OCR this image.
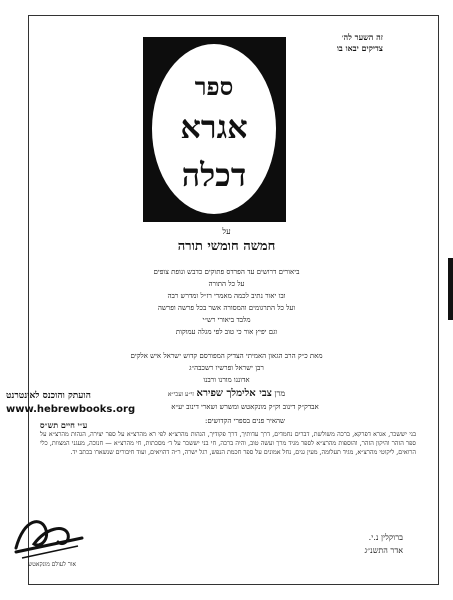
זה השער לה׳
צדיקים יבאו בו
ספר
אגרא
דכלה
על
חמשה חומשי תורה
ביאורים דרושים עד הפרדס פתוקים כדבש ונופת צופים
על כל התורה
ובו יאור נתיב לכמה מאמרי רז״ל ומדרש רבה
ועל כל התרגומים והמסורה אשר בכל פרשה ופרשה
מלבד ביאורי רש״י
וגם יפיץ אור כי טוב לפי מגלה עמוקות
מאת כ״ק הרב הגאון האמיתי הצדיק המפורסם קדוש ישראל איש אלקים
רבן ישראל ופרשיו רשכבה״ג
אדוננו מורנו ורבנו
מרן צבי אלימלך שפירא זי״ע ועכי״א
אבדק״ק דינוב וק״ק מונקאטש ומשרש ושארי דינוב יע״א
שהאיר פנים בספרי הקדושים:
הועתק והוכנס לאינטרנט
www.hebrewbooks.org
ע״י חיים תש״ס
בני יששכר, אגרא דפרקא, ברכה משולשת, דברים נחמדים, דרך עדותיך, דרך פקודיך, הגהות מהרצ״א לפי רא מהרצ״א על ספר יצירה, הגהות מהרצ״א על ספר הזהר והיקון הזהר, והוספות מהרצ״א לספר מגיד מרך ועשה טוב, והיה ברכה, חי בני יששכר על ד׳ מסכתות, חי מהרצ״א — חנוכה, מעגני המצוות, כלי הרואים, ליקוטי מהרצ״א, מגיד תעלומה, מעין גנים, נחל אמונים על ספר חכמת הנפש, רגל ישרה, ר״ה דהויאים, ועוד חיבורים שנשארו בכתב יד.
ברוקלין נ.י.
אדר התשנ״ג
אור לעולם מונקאטש
